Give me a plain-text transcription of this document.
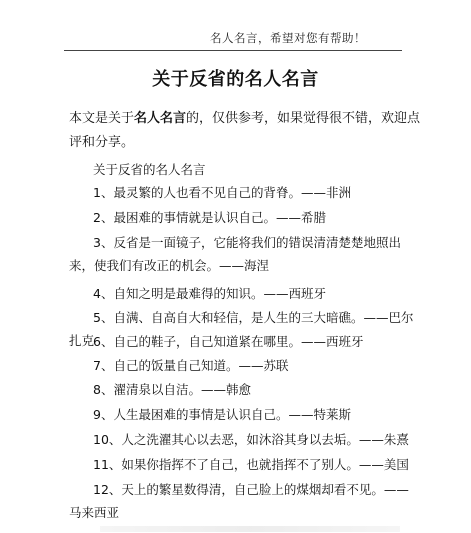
名人名言，希望对您有帮助！
关于反省的名人名言
本文是关于名人名言的，仅供参考，如果觉得很不错，欢迎点评和分享。
关于反省的名人名言
1、最灵繁的人也看不见自己的背脊。——非洲
2、最困难的事情就是认识自己。——希腊
3、反省是一面镜子，它能将我们的错误清清楚楚地照出来，使我们有改正的机会。——海涅
4、自知之明是最难得的知识。——西班牙
5、自满、自高自大和轻信，是人生的三大暗礁。——巴尔扎克
6、自己的鞋子，自己知道紧在哪里。——西班牙
7、自己的饭量自己知道。——苏联
8、濯清泉以自洁。——韩愈
9、人生最困难的事情是认识自己。——特莱斯
10、人之洗濯其心以去恶，如沐浴其身以去垢。——朱熹
11、如果你指挥不了自己，也就指挥不了别人。——美国
12、天上的繁星数得清，自己脸上的煤烟却看不见。——马来西亚
